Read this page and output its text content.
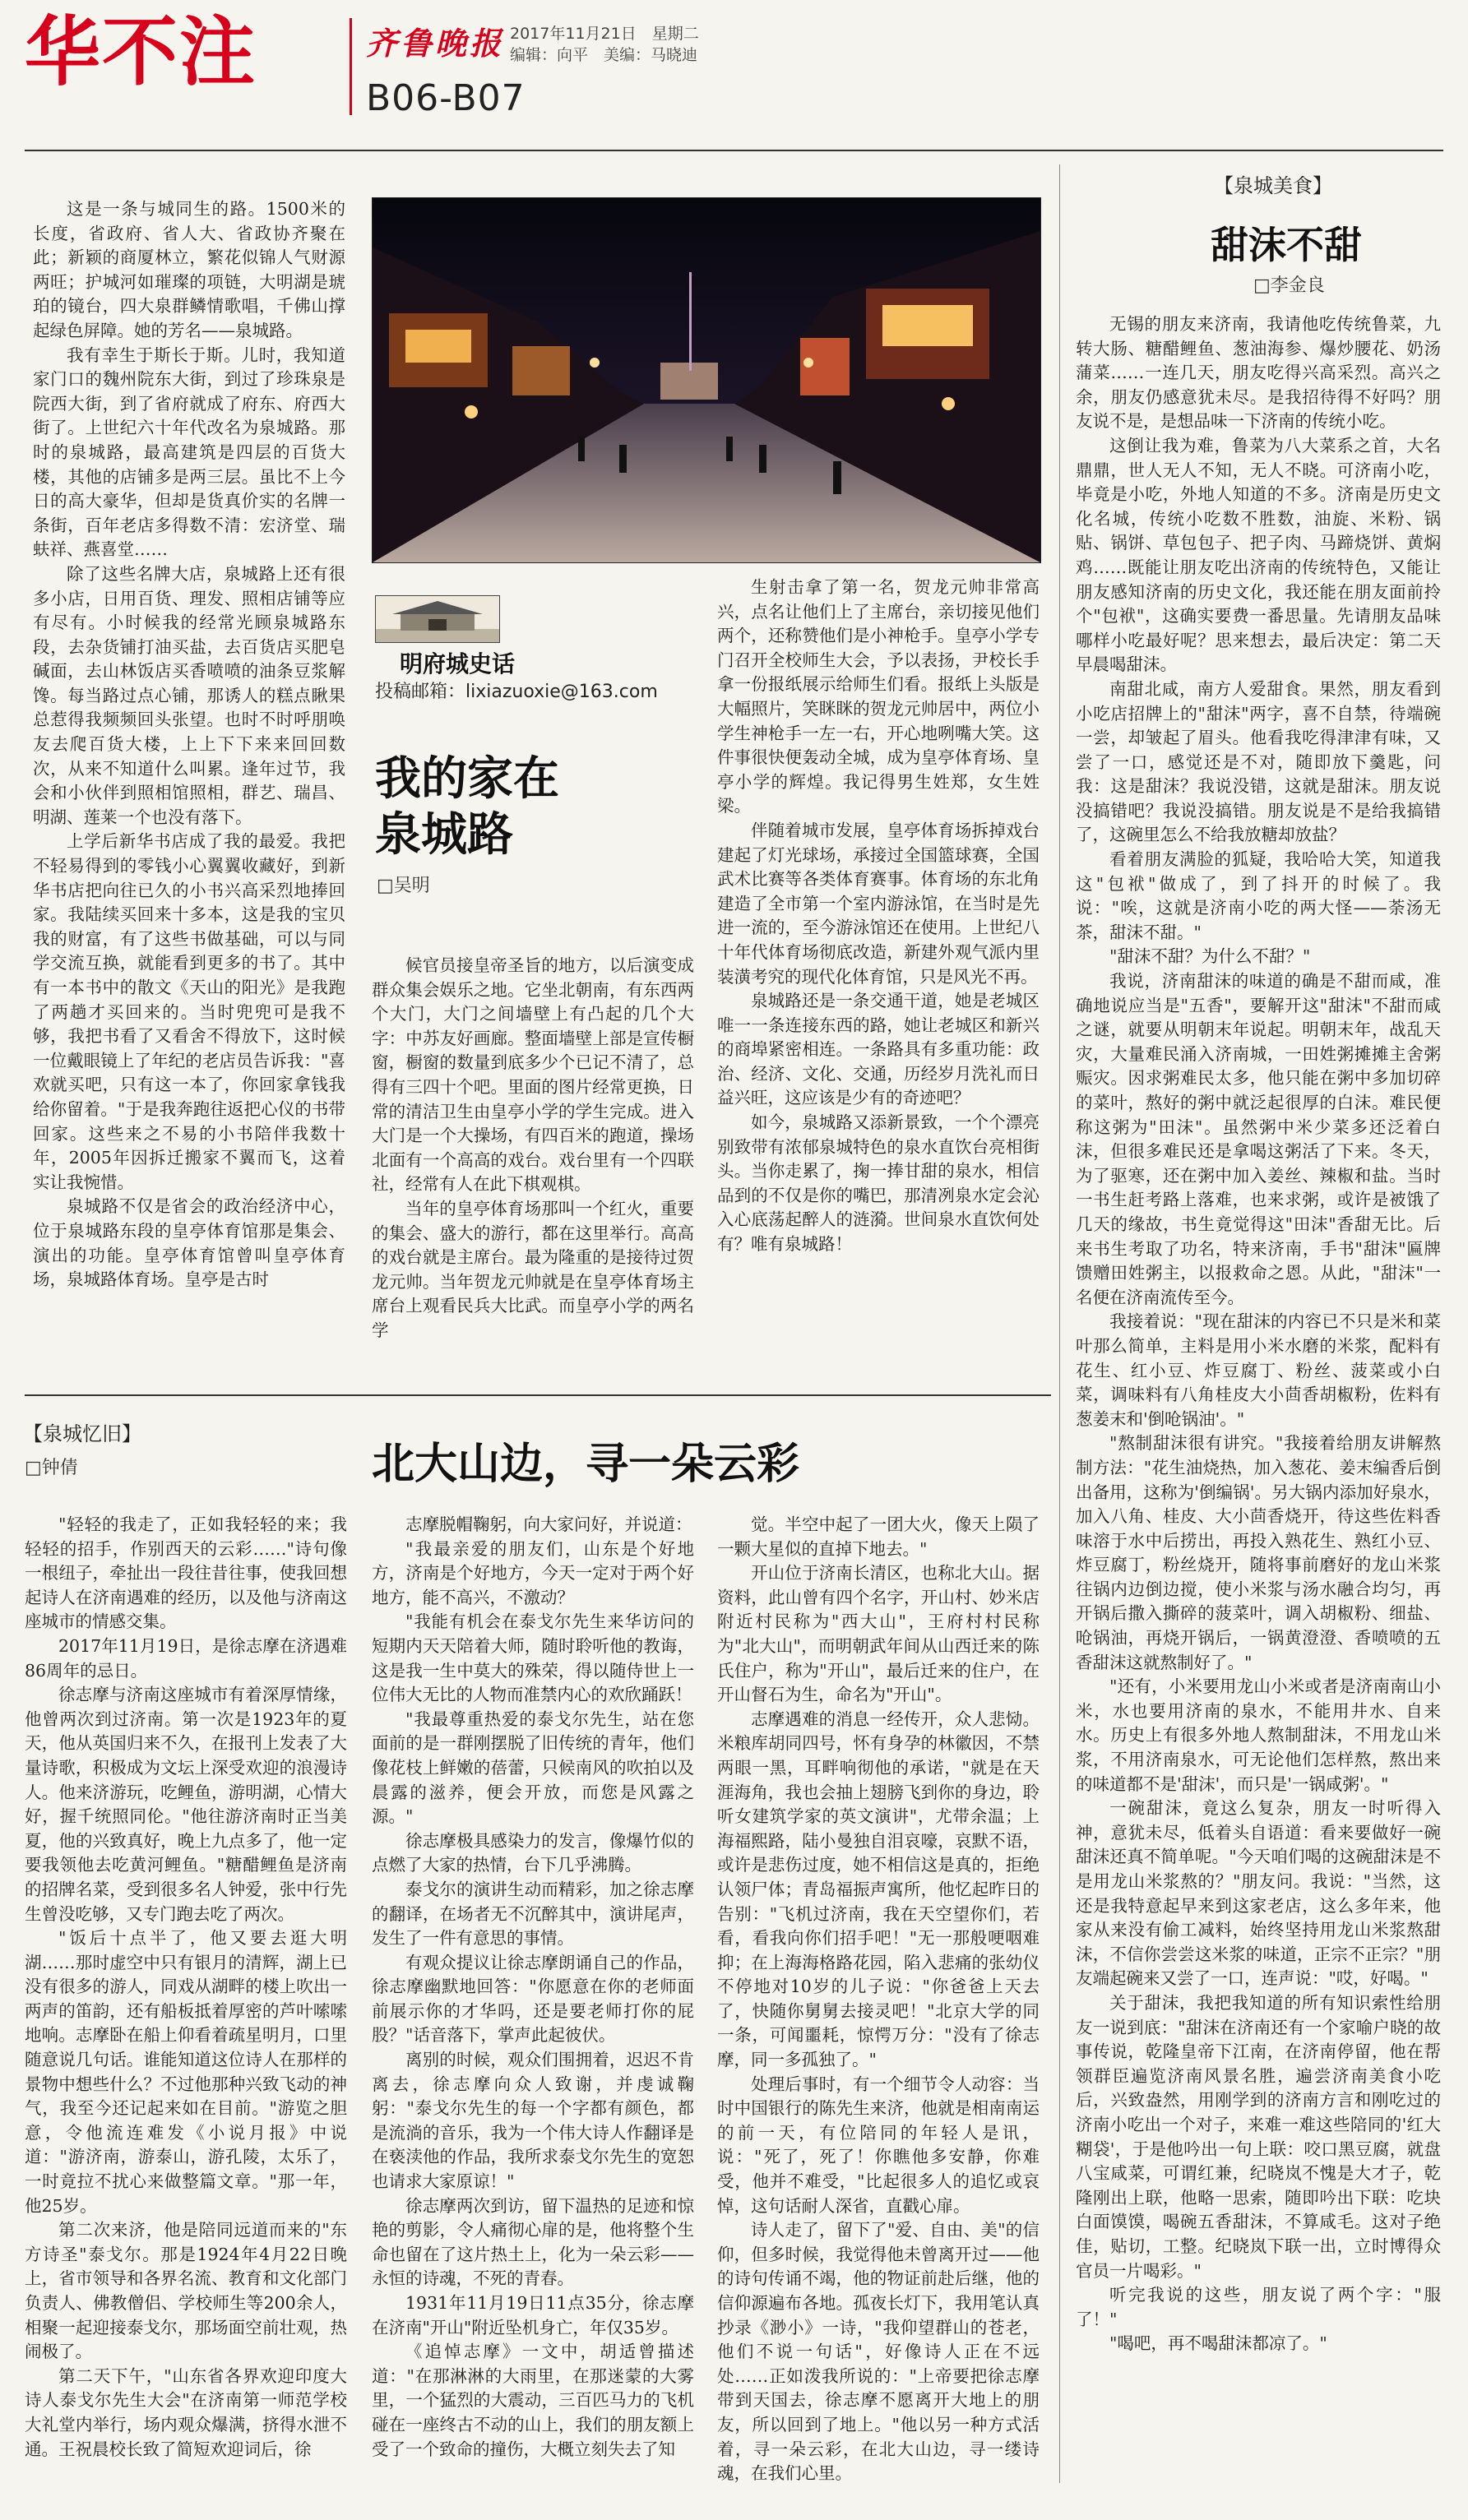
华不注	齐鲁晚报 2017年11月21日　星期二
编辑：向平　美编：马晓迪
B06-B07

这是一条与城同生的路。1500米的长度，省政府、省人大、省政协齐聚在此；新颖的商厦林立，繁花似锦人气财源两旺；护城河如璀璨的项链，大明湖是琥珀的镜台，四大泉群鳞情歌唱，千佛山撑起绿色屏障。她的芳名——泉城路。

我有幸生于斯长于斯。儿时，我知道家门口的魏州院东大街，到过了珍珠泉是院西大街，到了省府就成了府东、府西大街了。上世纪六十年代改名为泉城路。那时的泉城路，最高建筑是四层的百货大楼，其他的店铺多是两三层。虽比不上今日的高大豪华，但却是货真价实的名牌一条街，百年老店多得数不清：宏济堂、瑞蚨祥、燕喜堂……

除了这些名牌大店，泉城路上还有很多小店，日用百货、理发、照相店铺等应有尽有。小时候我的经常光顾泉城路东段，去杂货铺打油买盐，去百货店买肥皂碱面，去山林饭店买香喷喷的油条豆浆解馋。每当路过点心铺，那诱人的糕点瞅果总惹得我频频回头张望。也时不时呼朋唤友去爬百货大楼，上上下下来来回回数次，从来不知道什么叫累。逢年过节，我会和小伙伴到照相馆照相，群艺、瑞昌、明湖、莲莱一个也没有落下。

上学后新华书店成了我的最爱。我把不轻易得到的零钱小心翼翼收藏好，到新华书店把向往已久的小书兴高采烈地捧回家。我陆续买回来十多本，这是我的宝贝我的财富，有了这些书做基础，可以与同学交流互换，就能看到更多的书了。其中有一本书中的散文《天山的阳光》是我跑了两趟才买回来的。当时兜兜可是我不够，我把书看了又看舍不得放下，这时候一位戴眼镜上了年纪的老店员告诉我："喜欢就买吧，只有这一本了，你回家拿钱我给你留着。"于是我奔跑往返把心仪的书带回家。这些来之不易的小书陪伴我数十年，2005年因拆迁搬家不翼而飞，这着实让我惋惜。

泉城路不仅是省会的政治经济中心，位于泉城路东段的皇亭体育馆那是集会、演出的功能。皇亭体育馆曾叫皇亭体育场，泉城路体育场。皇亭是古时

明府城史话
投稿邮箱：lixiazuoxie@163.com
我的家在
泉城路
□吴明

候官员接皇帝圣旨的地方，以后演变成群众集会娱乐之地。它坐北朝南，有东西两个大门，大门之间墙壁上有凸起的几个大字：中苏友好画廊。整面墙壁上部是宣传橱窗，橱窗的数量到底多少个已记不清了，总得有三四十个吧。里面的图片经常更换，日常的清洁卫生由皇亭小学的学生完成。进入大门是一个大操场，有四百米的跑道，操场北面有一个高高的戏台。戏台里有一个四联社，经常有人在此下棋观棋。

当年的皇亭体育场那叫一个红火，重要的集会、盛大的游行，都在这里举行。高高的戏台就是主席台。最为隆重的是接待过贺龙元帅。当年贺龙元帅就是在皇亭体育场主席台上观看民兵大比武。而皇亭小学的两名学

生射击拿了第一名，贺龙元帅非常高兴，点名让他们上了主席台，亲切接见他们两个，还称赞他们是小神枪手。皇亭小学专门召开全校师生大会，予以表扬，尹校长手拿一份报纸展示给师生们看。报纸上头版是大幅照片，笑眯眯的贺龙元帅居中，两位小学生神枪手一左一右，开心地咧嘴大笑。这件事很快便轰动全城，成为皇亭体育场、皇亭小学的辉煌。我记得男生姓郑，女生姓梁。

伴随着城市发展，皇亭体育场拆掉戏台建起了灯光球场，承接过全国篮球赛，全国武术比赛等各类体育赛事。体育场的东北角建造了全市第一个室内游泳馆，在当时是先进一流的，至今游泳馆还在使用。上世纪八十年代体育场彻底改造，新建外观气派内里装潢考究的现代化体育馆，只是风光不再。

泉城路还是一条交通干道，她是老城区唯一一条连接东西的路，她让老城区和新兴的商埠紧密相连。一条路具有多重功能：政治、经济、文化、交通，历经岁月洗礼而日益兴旺，这应该是少有的奇迹吧？

如今，泉城路又添新景致，一个个漂亮别致带有浓郁泉城特色的泉水直饮台亮相街头。当你走累了，掬一捧甘甜的泉水，相信品到的不仅是你的嘴巴，那清冽泉水定会沁入心底荡起醉人的涟漪。世间泉水直饮何处有？唯有泉城路！

【泉城美食】
甜沫不甜
□李金良

无锡的朋友来济南，我请他吃传统鲁菜，九转大肠、糖醋鲤鱼、葱油海参、爆炒腰花、奶汤蒲菜……一连几天，朋友吃得兴高采烈。高兴之余，朋友仍感意犹未尽。是我招待得不好吗？朋友说不是，是想品味一下济南的传统小吃。

这倒让我为难，鲁菜为八大菜系之首，大名鼎鼎，世人无人不知，无人不晓。可济南小吃，毕竟是小吃，外地人知道的不多。济南是历史文化名城，传统小吃数不胜数，油旋、米粉、锅贴、锅饼、草包包子、把子肉、马蹄烧饼、黄焖鸡……既能让朋友吃出济南的传统特色，又能让朋友感知济南的历史文化，我还能在朋友面前拎个"包袱"，这确实要费一番思量。先请朋友品味哪样小吃最好呢？思来想去，最后决定：第二天早晨喝甜沫。

南甜北咸，南方人爱甜食。果然，朋友看到小吃店招牌上的"甜沫"两字，喜不自禁，待端碗一尝，却皱起了眉头。他看我吃得津津有味，又尝了一口，感觉还是不对，随即放下羹匙，问我：这是甜沫？我说没错，这就是甜沫。朋友说没搞错吧？我说没搞错。朋友说是不是给我搞错了，这碗里怎么不给我放糖却放盐？

看着朋友满脸的狐疑，我哈哈大笑，知道我这"包袱"做成了，到了抖开的时候了。我说："唉，这就是济南小吃的两大怪——荼汤无茶，甜沫不甜。"

"甜沫不甜？为什么不甜？"

我说，济南甜沫的味道的确是不甜而咸，准确地说应当是"五香"，要解开这"甜沫"不甜而咸之谜，就要从明朝末年说起。明朝末年，战乱天灾，大量难民涌入济南城，一田姓粥摊摊主舍粥赈灾。因求粥难民太多，他只能在粥中多加切碎的菜叶，熬好的粥中就泛起很厚的白沫。难民便称这粥为"田沫"。虽然粥中米少菜多还泛着白沫，但很多难民还是拿喝这粥活了下来。冬天，为了驱寒，还在粥中加入姜丝、辣椒和盐。当时一书生赶考路上落难，也来求粥，或许是被饿了几天的缘故，书生竟觉得这"田沫"香甜无比。后来书生考取了功名，特来济南，手书"甜沫"匾牌馈赠田姓粥主，以报救命之恩。从此，"甜沫"一名便在济南流传至今。

我接着说："现在甜沫的内容已不只是米和菜叶那么简单，主料是用小米水磨的米浆，配料有花生、红小豆、炸豆腐丁、粉丝、菠菜或小白菜，调味料有八角桂皮大小茴香胡椒粉，佐料有葱姜末和'倒呛锅油'。"

"熬制甜沫很有讲究。"我接着给朋友讲解熬制方法："花生油烧热，加入葱花、姜末编香后倒出备用，这称为'倒编锅'。另大锅内添加好泉水，加入八角、桂皮、大小茴香烧开，待这些佐料香味溶于水中后捞出，再投入熟花生、熟红小豆、炸豆腐丁，粉丝烧开，随将事前磨好的龙山米浆往锅内边倒边搅，使小米浆与汤水融合均匀，再开锅后撒入撕碎的菠菜叶，调入胡椒粉、细盐、呛锅油，再烧开锅后，一锅黄澄澄、香喷喷的五香甜沫这就熬制好了。"

"还有，小米要用龙山小米或者是济南南山小米，水也要用济南的泉水，不能用井水、自来水。历史上有很多外地人熬制甜沫，不用龙山米浆，不用济南泉水，可无论他们怎样熬，熬出来的味道都不是'甜沫'，而只是'一锅咸粥'。"

一碗甜沫，竟这么复杂，朋友一时听得入神，意犹未尽，低着头自语道：看来要做好一碗甜沫还真不简单呢。"今天咱们喝的这碗甜沫是不是用龙山米浆熬的？"朋友问。我说："当然，这还是我特意起早来到这家老店，这么多年来，他家从来没有偷工减料，始终坚持用龙山米浆熬甜沫，不信你尝尝这米浆的味道，正宗不正宗？"朋友端起碗来又尝了一口，连声说："哎，好喝。"

关于甜沫，我把我知道的所有知识索性给朋友一说到底："甜沫在济南还有一个家喻户晓的故事传说，乾隆皇帝下江南，在济南停留，他在帮领群臣遍览济南风景名胜，遍尝济南美食小吃后，兴致盎然，用刚学到的济南方言和刚吃过的济南小吃出一个对子，来难一难这些陪同的'红大糊袋'，于是他吟出一句上联：咬口黑豆腐，就盘八宝咸菜，可谓红兼，纪晓岚不愧是大才子，乾隆刚出上联，他略一思索，随即吟出下联：吃块白面馍馍，喝碗五香甜沫，不算咸毛。这对子绝佳，贴切，工整。纪晓岚下联一出，立时博得众官员一片喝彩。"

听完我说的这些，朋友说了两个字："服了！"

"喝吧，再不喝甜沫都凉了。"

【泉城忆旧】
□钟倩	北大山边，寻一朵云彩

"轻轻的我走了，正如我轻轻的来；我轻轻的招手，作别西天的云彩……"诗句像一根纽子，牵扯出一段往昔往事，使我回想起诗人在济南遇难的经历，以及他与济南这座城市的情感交集。

2017年11月19日，是徐志摩在济遇难86周年的忌日。

徐志摩与济南这座城市有着深厚情缘，他曾两次到过济南。第一次是1923年的夏天，他从英国归来不久，在报刊上发表了大量诗歌，积极成为文坛上深受欢迎的浪漫诗人。他来济游玩，吃鲤鱼，游明湖，心情大好，握千统照同伦。"他往游济南时正当美夏，他的兴致真好，晚上九点多了，他一定要我领他去吃黄河鲤鱼。"糖醋鲤鱼是济南的招牌名菜，受到很多名人钟爱，张中行先生曾没吃够，又专门跑去吃了两次。

"饭后十点半了，他又要去逛大明湖……那时虚空中只有银月的清辉，湖上已没有很多的游人，同戏从湖畔的楼上吹出一两声的笛韵，还有船板抵着厚密的芦叶嗦嗦地响。志摩卧在船上仰看着疏星明月，口里随意说几句话。谁能知道这位诗人在那样的景物中想些什么？不过他那种兴致飞动的神气，我至今还记起来如在目前。"游览之胆意，令他流连难发《小说月报》中说道："游济南，游泰山，游孔陵，太乐了，一时竟拉不扰心来做整篇文章。"那一年，他25岁。

第二次来济，他是陪同远道而来的"东方诗圣"泰戈尔。那是1924年4月22日晚上，省市领导和各界名流、教育和文化部门负责人、佛教僧侣、学校师生等200余人，相聚一起迎接泰戈尔，那场面空前壮观，热闹极了。

第二天下午，"山东省各界欢迎印度大诗人泰戈尔先生大会"在济南第一师范学校大礼堂内举行，场内观众爆满，挤得水泄不通。王祝晨校长致了简短欢迎词后，徐

志摩脱帽鞠躬，向大家问好，并说道：

"我最亲爱的朋友们，山东是个好地方，济南是个好地方，今天一定对于两个好地方，能不高兴，不激动？

"我能有机会在泰戈尔先生来华访问的短期内天天陪着大师，随时聆听他的教诲，这是我一生中莫大的殊荣，得以随侍世上一位伟大无比的人物而准禁内心的欢欣踊跃！

"我最尊重热爱的泰戈尔先生，站在您面前的是一群刚摆脱了旧传统的青年，他们像花枝上鲜嫩的蓓蕾，只候南风的吹拍以及晨露的滋养，便会开放，而您是风露之源。"

徐志摩极具感染力的发言，像爆竹似的点燃了大家的热情，台下几乎沸腾。

泰戈尔的演讲生动而精彩，加之徐志摩的翻译，在场者无不沉醉其中，演讲尾声，发生了一件有意思的事情。

有观众提议让徐志摩朗诵自己的作品，徐志摩幽默地回答："你愿意在你的老师面前展示你的才华吗，还是要老师打你的屁股？"话音落下，掌声此起彼伏。

离别的时候，观众们围拥着，迟迟不肯离去，徐志摩向众人致谢，并虔诚鞠躬："泰戈尔先生的每一个字都有颜色，都是流淌的音乐，我为一个伟大诗人作翻译是在亵渎他的作品，我所求泰戈尔先生的宽恕也请求大家原谅！"

徐志摩两次到访，留下温热的足迹和惊艳的剪影，令人痛彻心扉的是，他将整个生命也留在了这片热土上，化为一朵云彩——永恒的诗魂，不死的青春。

1931年11月19日11点35分，徐志摩在济南"开山"附近坠机身亡，年仅35岁。

《追悼志摩》一文中，胡适曾描述道："在那淋淋的大雨里，在那迷蒙的大雾里，一个猛烈的大震动，三百匹马力的飞机碰在一座终古不动的山上，我们的朋友额上受了一个致命的撞伤，大概立刻失去了知

觉。半空中起了一团大火，像天上陨了一颗大星似的直掉下地去。"

开山位于济南长清区，也称北大山。据资料，此山曾有四个名字，开山村、妙米店附近村民称为"西大山"，王府村村民称为"北大山"，而明朝武年间从山西迁来的陈氏住户，称为"开山"，最后迁来的住户，在开山督石为生，命名为"开山"。

志摩遇难的消息一经传开，众人悲恸。米粮库胡同四号，怀有身孕的林徽因，不禁两眼一黑，耳畔响彻他的承诺，"就是在天涯海角，我也会抽上翅膀飞到你的身边，聆听女建筑学家的英文演讲"，尤带余温；上海福熙路，陆小曼独自泪哀嚎，哀默不语，或许是悲伤过度，她不相信这是真的，拒绝认领尸体；青岛福振声寓所，他忆起昨日的告别："飞机过济南，我在天空望你们，若看，看我向你们招手吧！"无一那般哽咽难抑；在上海海格路花园，陷入悲痛的张幼仪不停地对10岁的儿子说："你爸爸上天去了，快随你舅舅去接灵吧！"北京大学的同一条，可闻噩耗，惊愕万分："没有了徐志摩，同一多孤独了。"

处理后事时，有一个细节令人动容：当时中国银行的陈先生来济，他就是相南南运的前一天，有位陪同的年轻人是讯，说："死了，死了！你瞧他多安静，你难受，他并不难受，"比起很多人的追忆或哀悼，这句话耐人深省，直戳心扉。

诗人走了，留下了"爱、自由、美"的信仰，但多时候，我觉得他未曾离开过——他的诗句传诵不竭，他的物证前赴后继，他的信仰源遍布各地。孤夜长灯下，我用笔认真抄录《渺小》一诗，"我仰望群山的苍老，他们不说一句话"，好像诗人正在不远处……正如泼我所说的："上帝要把徐志摩带到天国去，徐志摩不愿离开大地上的朋友，所以回到了地上。"他以另一种方式活着，寻一朵云彩，在北大山边，寻一缕诗魂，在我们心里。
